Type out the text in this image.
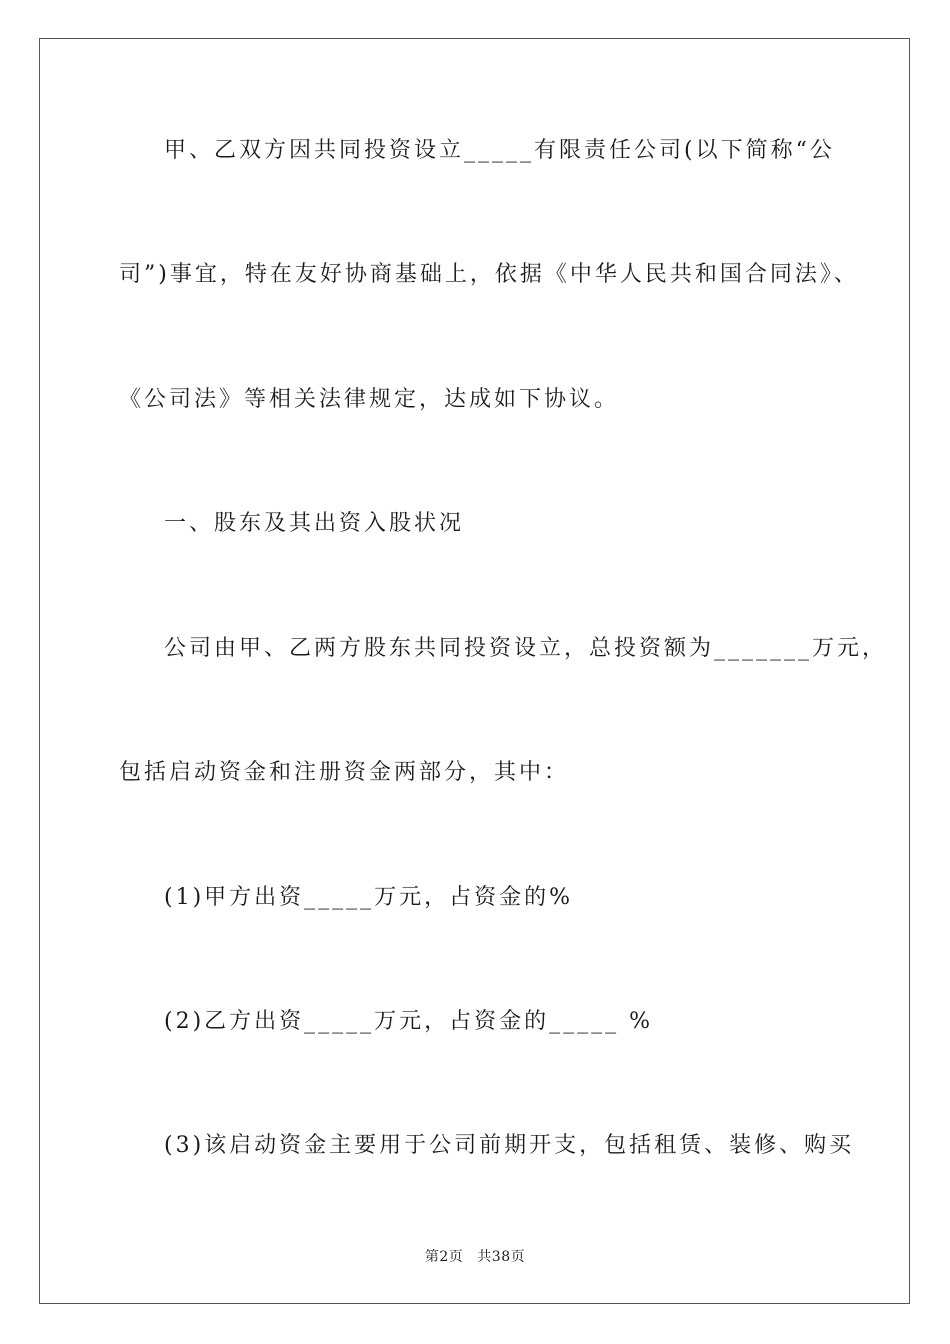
甲、乙双方因共同投资设立_____有限责任公司(以下简称“公
司”)事宜，特在友好协商基础上，依据《中华人民共和国合同法》、
《公司法》等相关法律规定，达成如下协议。
一、股东及其出资入股状况
公司由甲、乙两方股东共同投资设立，总投资额为_______万元，
包括启动资金和注册资金两部分，其中：
(1)甲方出资_____万元，占资金的%
(2)乙方出资_____万元，占资金的_____ %
(3)该启动资金主要用于公司前期开支，包括租赁、装修、购买
第2页 共38页
